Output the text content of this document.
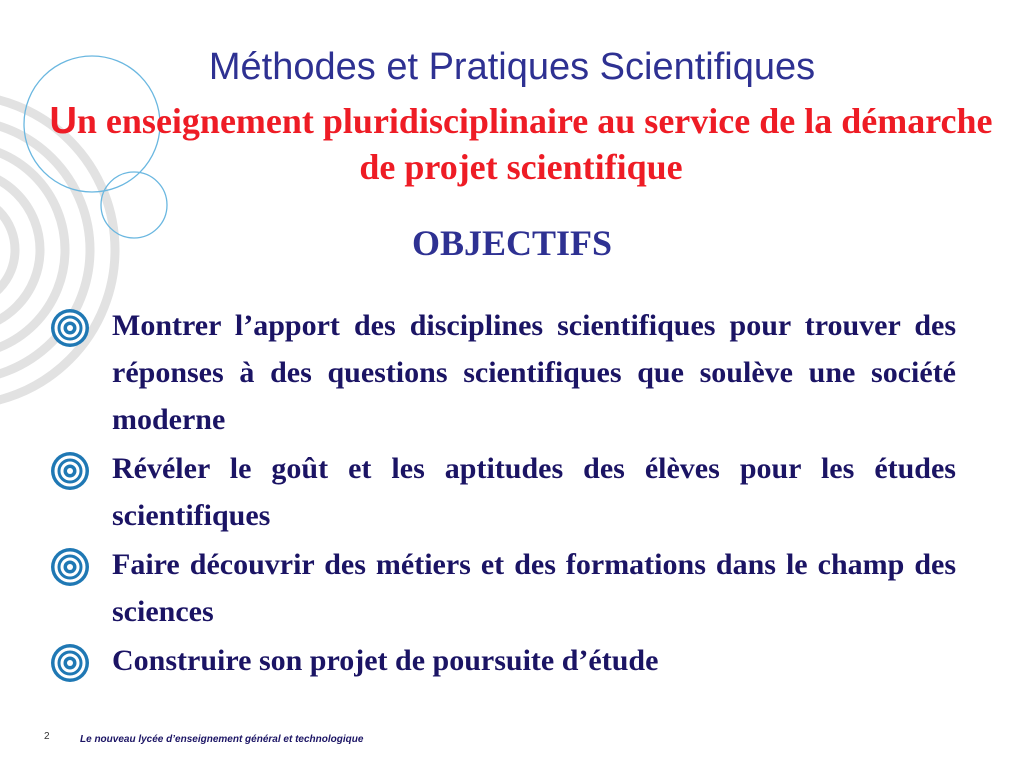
Méthodes et Pratiques Scientifiques
Un enseignement pluridisciplinaire au service de la démarche de projet scientifique
OBJECTIFS
Montrer l’apport des disciplines scientifiques pour trouver des réponses à des questions scientifiques que soulève une société moderne
Révéler le goût et les aptitudes des élèves pour les études scientifiques
Faire découvrir des métiers et des formations dans le champ des sciences
Construire son projet de poursuite d’étude
2	Le nouveau lycée d’enseignement général et technologique
